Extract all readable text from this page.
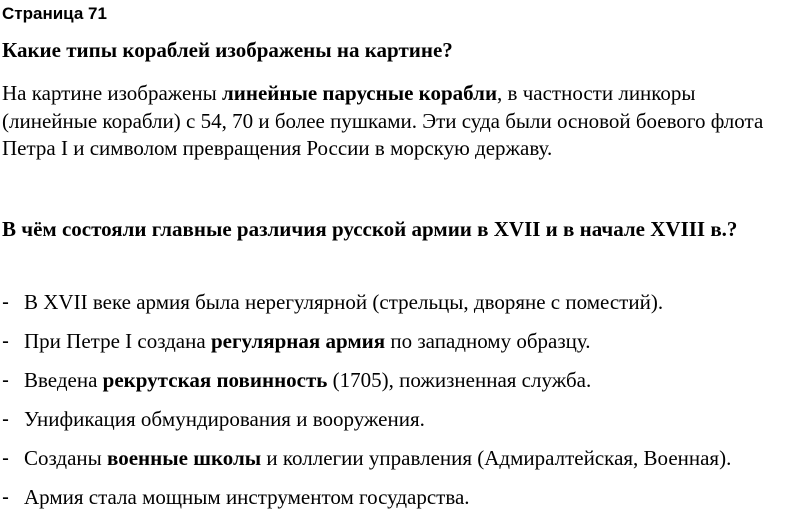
Страница 71
Какие типы кораблей изображены на картине?

На картине изображены линейные парусные корабли, в частности линкоры (линейные корабли) с 54, 70 и более пушками. Эти суда были основой боевого флота Петра I и символом превращения России в морскую державу.

В чём состояли главные различия русской армии в XVII и в начале XVIII в.?
- В XVII веке армия была нерегулярной (стрельцы, дворяне с поместий).
- При Петре I создана регулярная армия по западному образцу.
- Введена рекрутская повинность (1705), пожизненная служба.
- Унификация обмундирования и вооружения.
- Созданы военные школы и коллегии управления (Адмиралтейская, Военная).
- Армия стала мощным инструментом государства.
